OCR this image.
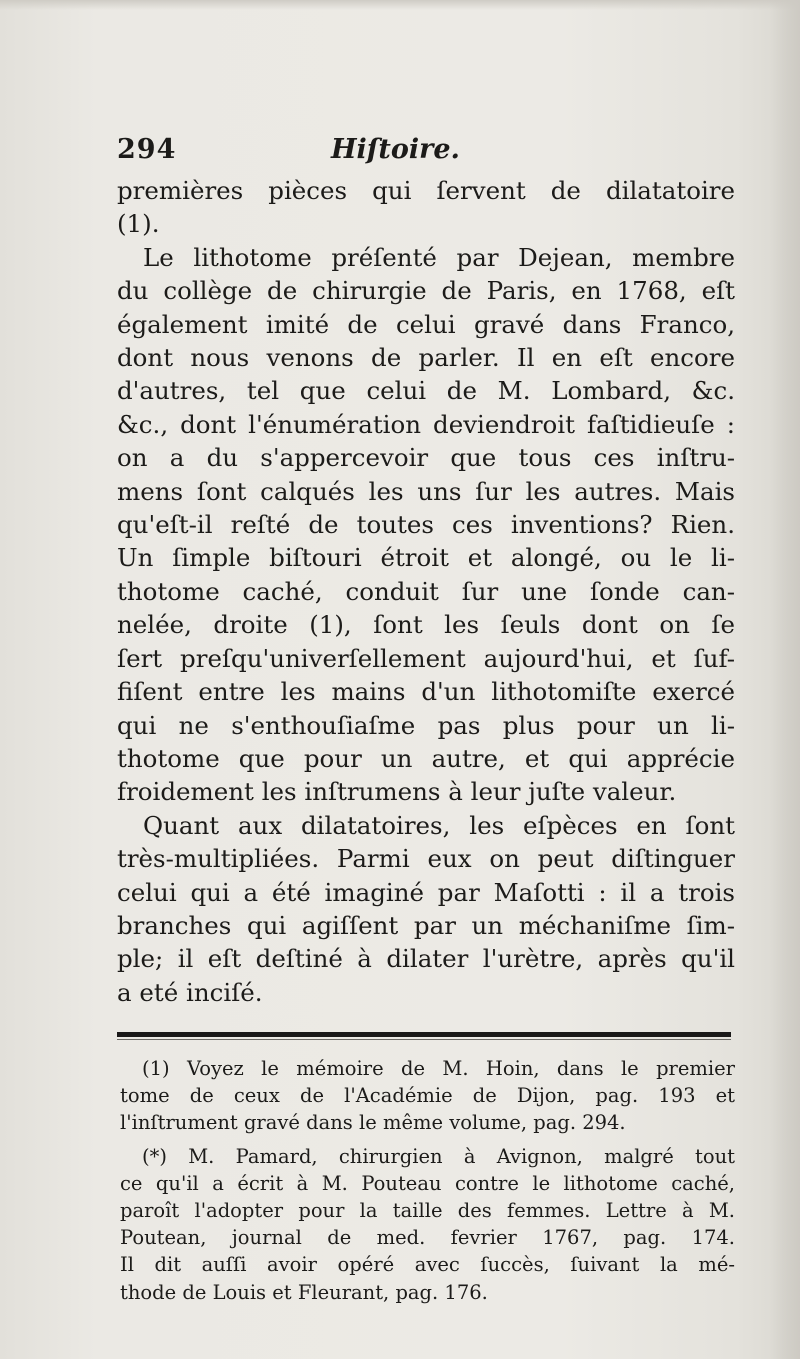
294	Hiſtoire.
premières pièces qui ſervent de dilatatoire
(1).
Le lithotome préſenté par Dejean, membre
du collège de chirurgie de Paris, en 1768, eſt
également imité de celui gravé dans Franco,
dont nous venons de parler. Il en eſt encore
d'autres, tel que celui de M. Lombard, &c.
&c., dont l'énumération deviendroit faſtidieuſe :
on a du s'appercevoir que tous ces inſtru-
mens ſont calqués les uns ſur les autres. Mais
qu'eſt-il reſté de toutes ces inventions? Rien.
Un ſimple biſtouri étroit et alongé, ou le li-
thotome caché, conduit ſur une ſonde can-
nelée, droite (1), ſont les ſeuls dont on ſe
ſert preſqu'univerſellement aujourd'hui, et ſuf-
fiſent entre les mains d'un lithotomiſte exercé
qui ne s'enthouſiaſme pas plus pour un li-
thotome que pour un autre, et qui apprécie
froidement les inſtrumens à leur juſte valeur.
Quant aux dilatatoires, les eſpèces en ſont
très-multipliées. Parmi eux on peut diſtinguer
celui qui a été imaginé par Maſotti : il a trois
branches qui agiſſent par un méchaniſme ſim-
ple; il eſt deſtiné à dilater l'urètre, après qu'il
a eté inciſé.
(1) Voyez le mémoire de M. Hoin, dans le premier
tome de ceux de l'Académie de Dijon, pag. 193 et
l'inſtrument gravé dans le même volume, pag. 294.
(*) M. Pamard, chirurgien à Avignon, malgré tout
ce qu'il a écrit à M. Pouteau contre le lithotome caché,
paroît l'adopter pour la taille des femmes. Lettre à M.
Poutean, journal de med. fevrier 1767, pag. 174.
Il dit auſſi avoir opéré avec ſuccès, ſuivant la mé-
thode de Louis et Fleurant, pag. 176.
